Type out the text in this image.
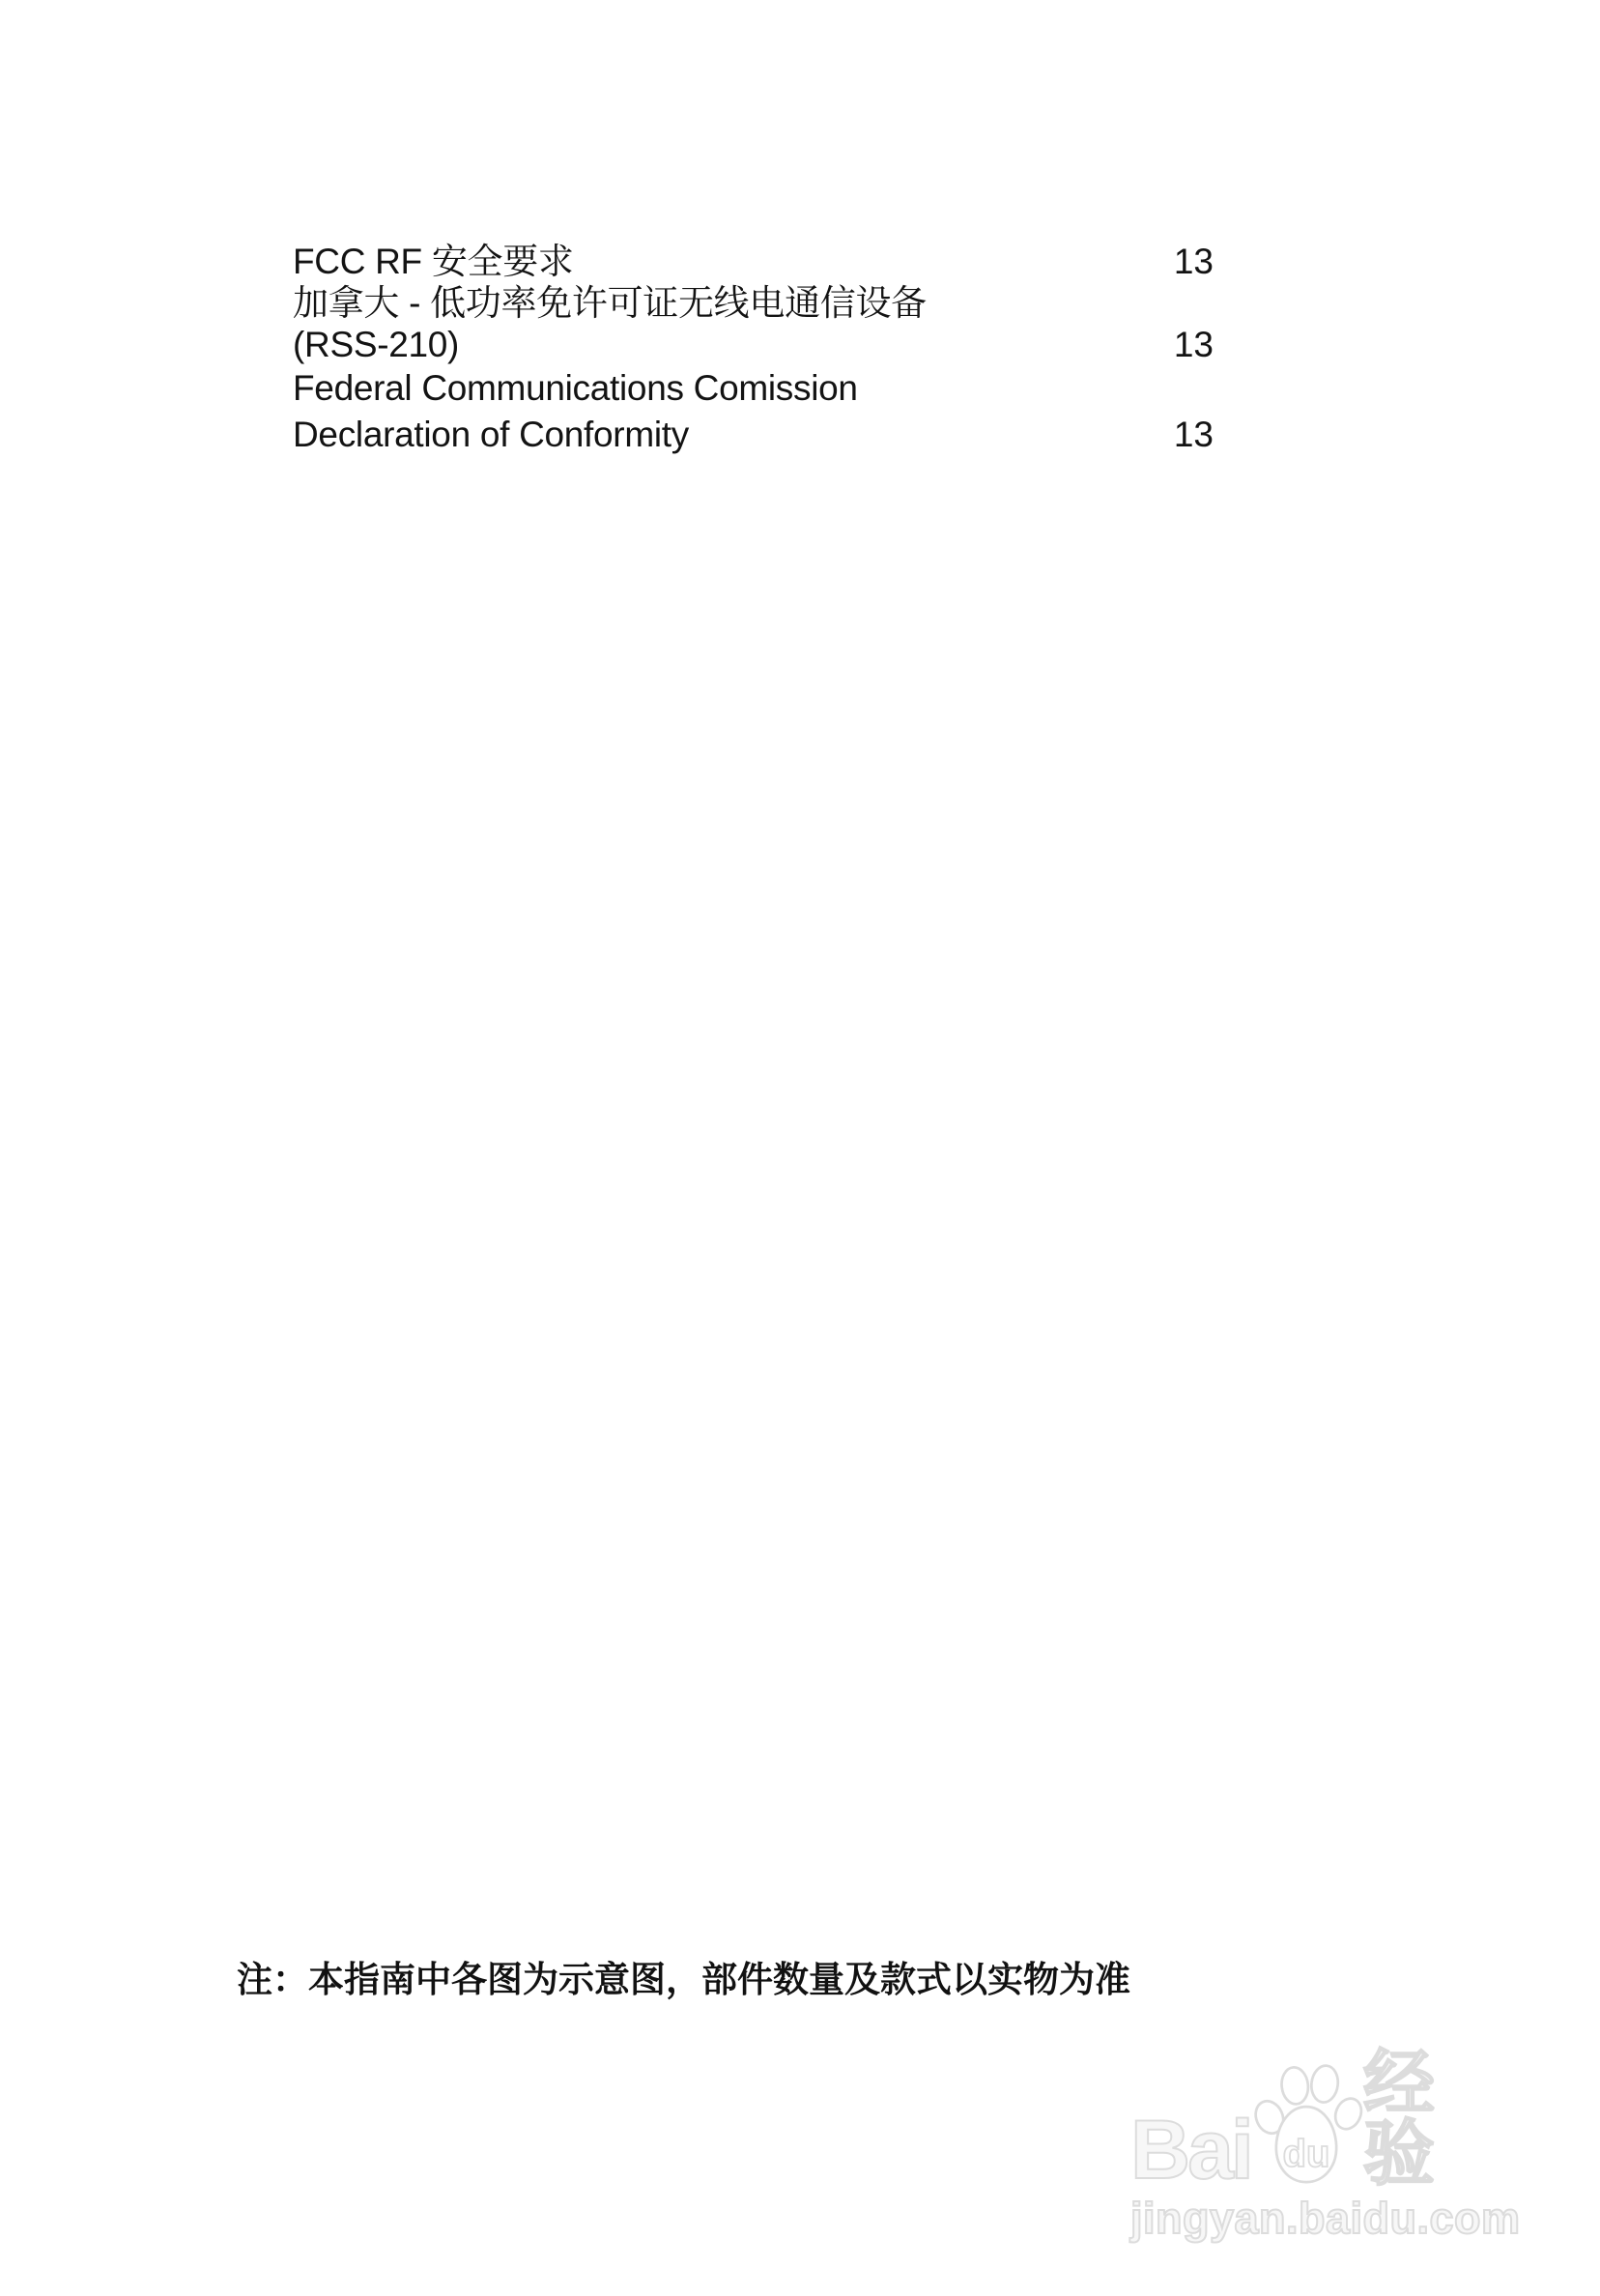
FCC RF 安全要求	13
加拿大 - 低功率免许可证无线电通信设备
(RSS-210)	13
Federal Communications Comission
Declaration of Conformity	13
注：本指南中各图为示意图，部件数量及款式以实物为准
Bai du
经验
jingyan.baidu.com
